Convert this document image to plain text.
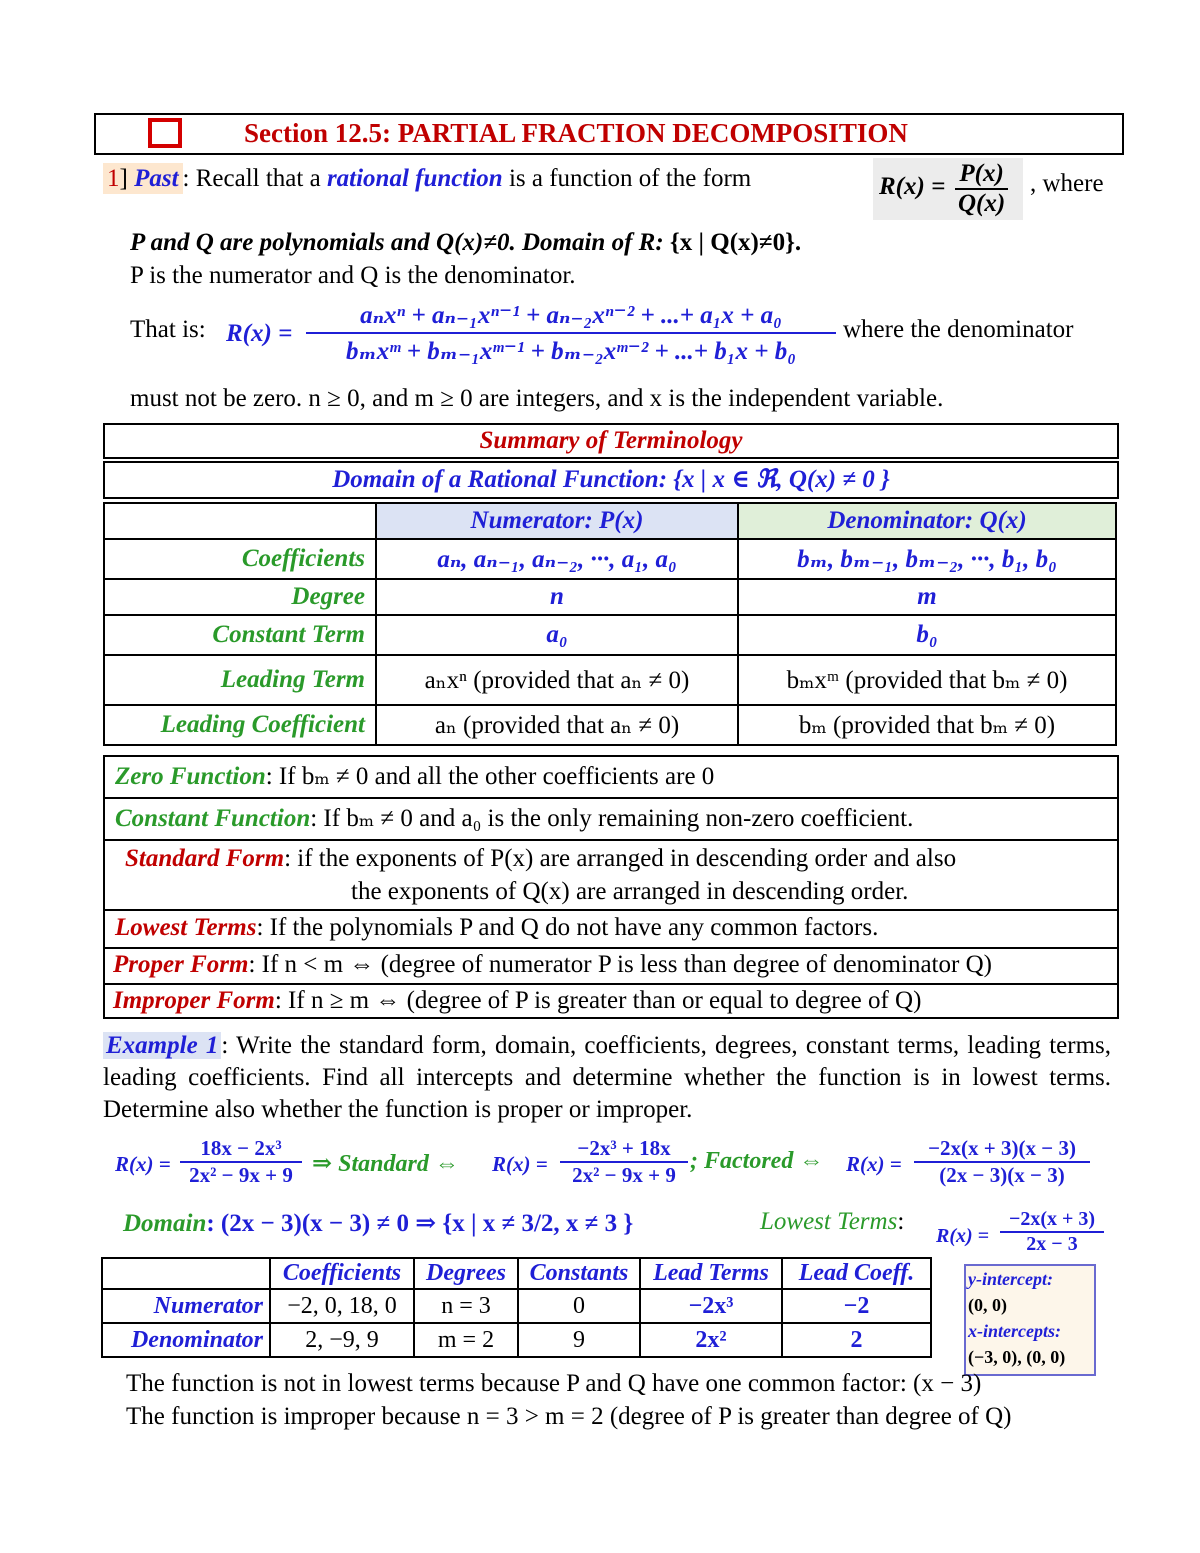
Section 12.5: PARTIAL FRACTION DECOMPOSITION
1] Past : Recall that a rational function is a function of the form	$R(x) = \frac{P(x)}{Q(x)}$ , where
P and Q are polynomials and Q(x)≠0. Domain of R: {x | Q(x)≠0}.
P is the numerator and Q is the denominator.
That is: R(x) =
aₙxⁿ + aₙ₋₁xⁿ⁻¹ + aₙ₋₂xⁿ⁻² + ...+ a₁x + a₀
bₘxᵐ + bₘ₋₁xᵐ⁻¹ + bₘ₋₂xᵐ⁻² + ...+ b₁x + b₀
where the denominator
must not be zero. n ≥ 0, and m ≥ 0 are integers, and x is the independent variable.
Summary of Terminology
Domain of a Rational Function: {x | x ∈ ℜ, Q(x) ≠ 0 }
	Numerator: P(x)	Denominator: Q(x)
Coefficients	aₙ, aₙ₋₁, aₙ₋₂, ···, a₁, a₀	bₘ, bₘ₋₁, bₘ₋₂, ···, b₁, b₀
Degree	n	m
Constant Term	a₀	b₀
Leading Term	aₙxⁿ (provided that aₙ ≠ 0)	bₘxᵐ (provided that bₘ ≠ 0)
Leading Coefficient	aₙ (provided that aₙ ≠ 0)	bₘ (provided that bₘ ≠ 0)
Zero Function: If bₘ ≠ 0 and all the other coefficients are 0
Constant Function: If bₘ ≠ 0 and a₀ is the only remaining non-zero coefficient.
Standard Form: if the exponents of P(x) are arranged in descending order and also
the exponents of Q(x) are arranged in descending order.
Lowest Terms: If the polynomials P and Q do not have any common factors.
Proper Form: If n < m ⇔ (degree of numerator P is less than degree of denominator Q)
Improper Form: If n ≥ m ⇔ (degree of P is greater than or equal to degree of Q)
Example 1 : Write the standard form, domain, coefficients, degrees, constant terms, leading terms, leading coefficients. Find all intercepts and determine whether the function is in lowest terms. Determine also whether the function is proper or improper.
$R(x) = \frac{\text{18x − 2x³}}{\text{2x² − 9x + 9}}$ ⇒ Standard ⇔ $R(x) = \frac{\text{−2x³ + 18x}}{\text{2x² − 9x + 9}}$ ; Factored ⇔ $R(x) = \frac{-2x(x + 3)(x - 3)}{(2x - 3)(x - 3)}$
Domain: (2x − 3)(x − 3) ≠ 0 ⇒ {x | x ≠ 3/2, x ≠ 3 }	Lowest Terms:
$R(x) = \frac{-2x(x + 3)}{2x - 3}$
	Coefficients	Degrees	Constants	Lead Terms	Lead Coeff.
Numerator	−2, 0, 18, 0	n = 3	0	−2x³	−2
Denominator	2, −9, 9	m = 2	9	2x²	2
y-intercept:
(0, 0)
x-intercepts:
(−3, 0), (0, 0)
The function is not in lowest terms because P and Q have one common factor: (x − 3)
The function is improper because n = 3 > m = 2 (degree of P is greater than degree of Q)
